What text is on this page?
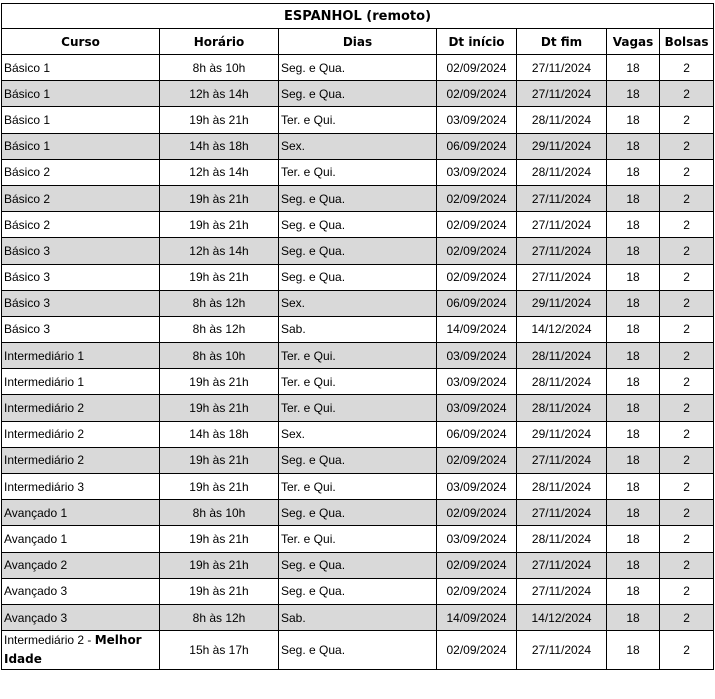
ESPANHOL (remoto)						
Curso	Horário	Dias	Dt início	Dt fim	Vagas	Bolsas
Básico 1	8h às 10h	Seg. e Qua.	02/09/2024	27/11/2024	18	2
Básico 1	12h às 14h	Seg. e Qua.	02/09/2024	27/11/2024	18	2
Básico 1	19h às 21h	Ter. e Qui.	03/09/2024	28/11/2024	18	2
Básico 1	14h às 18h	Sex.	06/09/2024	29/11/2024	18	2
Básico 2	12h às 14h	Ter. e Qui.	03/09/2024	28/11/2024	18	2
Básico 2	19h às 21h	Seg. e Qua.	02/09/2024	27/11/2024	18	2
Básico 2	19h às 21h	Seg. e Qua.	02/09/2024	27/11/2024	18	2
Básico 3	12h às 14h	Seg. e Qua.	02/09/2024	27/11/2024	18	2
Básico 3	19h às 21h	Seg. e Qua.	02/09/2024	27/11/2024	18	2
Básico 3	8h às 12h	Sex.	06/09/2024	29/11/2024	18	2
Básico 3	8h às 12h	Sab.	14/09/2024	14/12/2024	18	2
Intermediário 1	8h às 10h	Ter. e Qui.	03/09/2024	28/11/2024	18	2
Intermediário 1	19h às 21h	Ter. e Qui.	03/09/2024	28/11/2024	18	2
Intermediário 2	19h às 21h	Ter. e Qui.	03/09/2024	28/11/2024	18	2
Intermediário 2	14h às 18h	Sex.	06/09/2024	29/11/2024	18	2
Intermediário 2	19h às 21h	Seg. e Qua.	02/09/2024	27/11/2024	18	2
Intermediário 3	19h às 21h	Ter. e Qui.	03/09/2024	28/11/2024	18	2
Avançado 1	8h às 10h	Seg. e Qua.	02/09/2024	27/11/2024	18	2
Avançado 1	19h às 21h	Ter. e Qui.	03/09/2024	28/11/2024	18	2
Avançado 2	19h às 21h	Seg. e Qua.	02/09/2024	27/11/2024	18	2
Avançado 3	19h às 21h	Seg. e Qua.	02/09/2024	27/11/2024	18	2
Avançado 3	8h às 12h	Sab.	14/09/2024	14/12/2024	18	2
Intermediário 2 - Melhor Idade	15h às 17h	Seg. e Qua.	02/09/2024	27/11/2024	18	2
